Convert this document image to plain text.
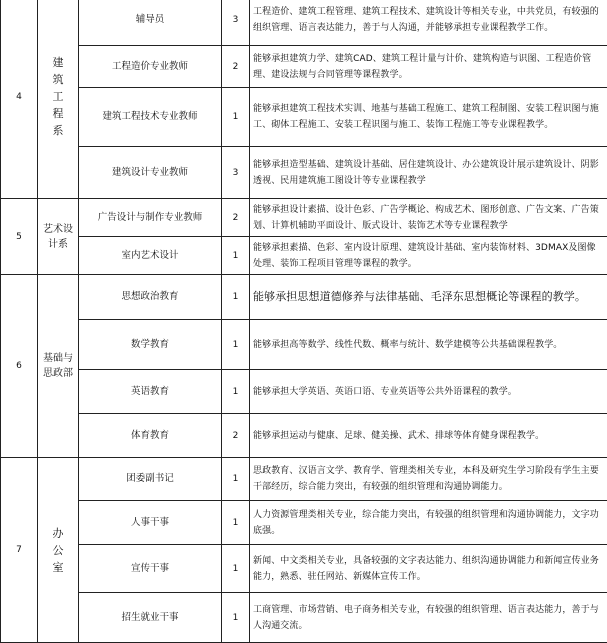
4	建筑工程系	辅导员	3	工程造价、建筑工程管理、建筑工程技术、建筑设计等相关专业，中共党员，有较强的组织管理、语言表达能力，善于与人沟通，并能够承担专业课程教学工作。
		工程造价专业教师	2	能够承担建筑力学、建筑CAD、建筑工程计量与计价、建筑构造与识图、工程造价管理、建设法规与合同管理等课程教学。
		建筑工程技术专业教师	1	能够承担建筑工程技术实训、地基与基础工程施工、建筑工程制图、安装工程识图与施工、砌体工程施工、安装工程识图与施工、装饰工程施工等专业课程教学。
		建筑设计专业教师	3	能够承担造型基础、建筑设计基础、居住建筑设计、办公建筑设计展示建筑设计、阴影透视、民用建筑施工图设计等专业课程教学
5	艺术设计系	广告设计与制作专业教师	2	能够承担设计素描、设计色彩、广告学概论、构成艺术、图形创意、广告文案、广告策划、计算机辅助平面设计、版式设计、装饰艺术等专业课程教学
		室内艺术设计	1	能够承担素描、色彩、室内设计原理、建筑设计基础、室内装饰材料、3DMAX及图像处理、装饰工程项目管理等课程的教学。
6	基础与思政部	思想政治教育	1	能够承担思想道德修养与法律基础、毛泽东思想概论等课程的教学。
		数学教育	1	能够承担高等数学、线性代数、概率与统计、数学建模等公共基础课程教学。
		英语教育	1	能够承担大学英语、英语口语、专业英语等公共外语课程的教学。
		体育教育	2	能够承担运动与健康、足球、健美操、武术、排球等体育健身课程教学。
7	办公室	团委副书记	1	思政教育、汉语言文学、教育学、管理类相关专业，本科及研究生学习阶段有学生主要干部经历，综合能力突出，有较强的组织管理和沟通协调能力。
		人事干事	1	人力资源管理类相关专业，综合能力突出，有较强的组织管理和沟通协调能力，文字功底强。
		宣传干事	1	新闻、中文类相关专业，具备较强的文字表达能力、组织沟通协调能力和新闻宣传业务能力，熟悉、驻任网站、新媒体宣传工作。
		招生就业干事	1	工商管理、市场营销、电子商务相关专业，有较强的组织管理、语言表达能力，善于与人沟通交流。
